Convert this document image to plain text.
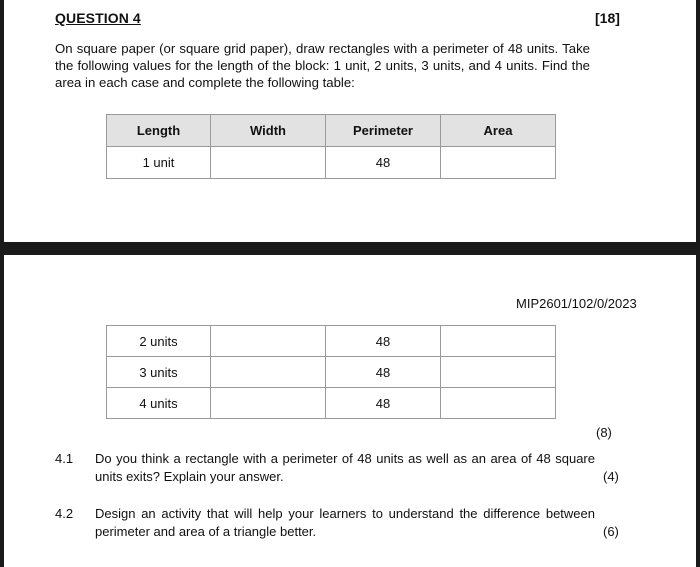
QUESTION 4	[18]
On square paper (or square grid paper), draw rectangles with a perimeter of 48 units. Take the following values for the length of the block: 1 unit, 2 units, 3 units, and 4 units. Find the area in each case and complete the following table:
Length	Width	Perimeter	Area
1 unit		48	
MIP2601/102/0/2023
2 units		48	
3 units		48	
4 units		48	
(8)
4.1 Do you think a rectangle with a perimeter of 48 units as well as an area of 48 square units exits? Explain your answer.	(4)
4.2 Design an activity that will help your learners to understand the difference between perimeter and area of a triangle better.	(6)
